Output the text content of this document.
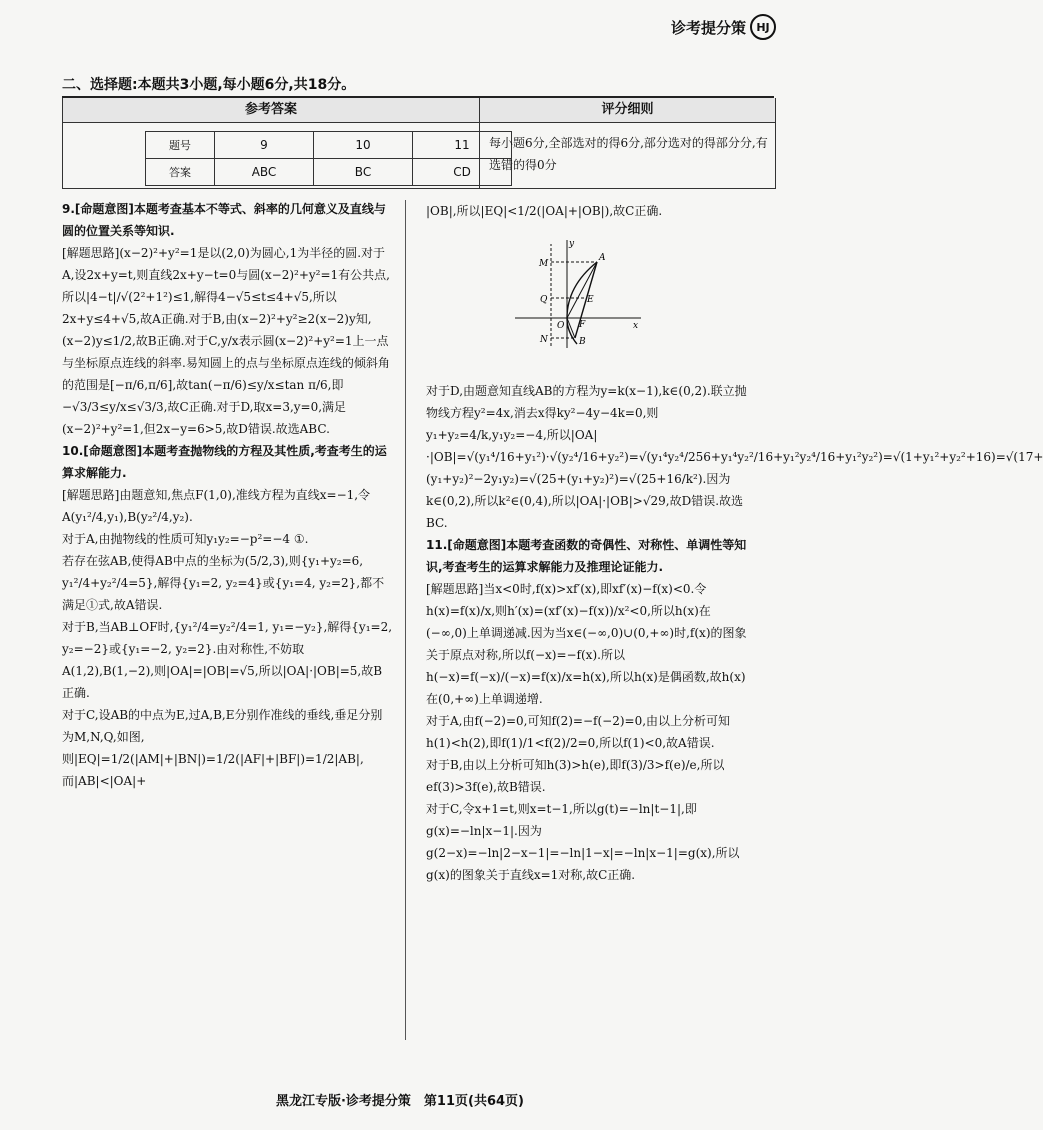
诊考提分策 HJ
二、选择题:本题共3小题,每小题6分,共18分。
参考答案	评分细则
题号	9	10	11
答案	ABC	BC	CD
每小题6分,全部选对的得6分,部分选对的得部分分,有选错的得0分

9.[命题意图]本题考查基本不等式、斜率的几何意义及直线与圆的位置关系等知识.

[解题思路](x−2)²+y²=1是以(2,0)为圆心,1为半径的圆.对于A,设2x+y=t,则直线2x+y−t=0与圆(x−2)²+y²=1有公共点,所以|4−t|/√(2²+1²)≤1,解得4−√5≤t≤4+√5,所以2x+y≤4+√5,故A正确.对于B,由(x−2)²+y²≥2(x−2)y知,(x−2)y≤1/2,故B正确.对于C,y/x表示圆(x−2)²+y²=1上一点与坐标原点连线的斜率.易知圆上的点与坐标原点连线的倾斜角的范围是[−π/6,π/6],故tan(−π/6)≤y/x≤tan π/6,即−√3/3≤y/x≤√3/3,故C正确.对于D,取x=3,y=0,满足(x−2)²+y²=1,但2x−y=6>5,故D错误.故选ABC.

10.[命题意图]本题考查抛物线的方程及其性质,考查考生的运算求解能力.

[解题思路]由题意知,焦点F(1,0),准线方程为直线x=−1,令A(y₁²/4,y₁),B(y₂²/4,y₂).

对于A,由抛物线的性质可知y₁y₂=−p²=−4 ①.

若存在弦AB,使得AB中点的坐标为(5/2,3),则{y₁+y₂=6, y₁²/4+y₂²/4=5},解得{y₁=2, y₂=4}或{y₁=4, y₂=2},都不满足①式,故A错误.

对于B,当AB⊥OF时,{y₁²/4=y₂²/4=1, y₁=−y₂},解得{y₁=2, y₂=−2}或{y₁=−2, y₂=2}.由对称性,不妨取A(1,2),B(1,−2),则|OA|=|OB|=√5,所以|OA|·|OB|=5,故B正确.

对于C,设AB的中点为E,过A,B,E分别作准线的垂线,垂足分别为M,N,Q,如图,则|EQ|=1/2(|AM|+|BN|)=1/2(|AF|+|BF|)=1/2|AB|,而|AB|<|OA|+

|OB|,所以|EQ|<1/2(|OA|+|OB|),故C正确.

对于D,由题意知直线AB的方程为y=k(x−1),k∈(0,2).联立抛物线方程y²=4x,消去x得ky²−4y−4k=0,则y₁+y₂=4/k,y₁y₂=−4,所以|OA|·|OB|=√(y₁⁴/16+y₁²)·√(y₂⁴/16+y₂²)=√(y₁⁴y₂⁴/256+y₁⁴y₂²/16+y₁²y₂⁴/16+y₁²y₂²)=√(1+y₁²+y₂²+16)=√(17+(y₁+y₂)²−2y₁y₂)=√(25+(y₁+y₂)²)=√(25+16/k²).因为k∈(0,2),所以k²∈(0,4),所以|OA|·|OB|>√29,故D错误.故选BC.

11.[命题意图]本题考查函数的奇偶性、对称性、单调性等知识,考查考生的运算求解能力及推理论证能力.

[解题思路]当x<0时,f(x)>xf′(x),即xf′(x)−f(x)<0.令h(x)=f(x)/x,则h′(x)=(xf′(x)−f(x))/x²<0,所以h(x)在(−∞,0)上单调递减.因为当x∈(−∞,0)∪(0,+∞)时,f(x)的图象关于原点对称,所以f(−x)=−f(x).所以h(−x)=f(−x)/(−x)=f(x)/x=h(x),所以h(x)是偶函数,故h(x)在(0,+∞)上单调递增.

对于A,由f(−2)=0,可知f(2)=−f(−2)=0,由以上分析可知h(1)<h(2),即f(1)/1<f(2)/2=0,所以f(1)<0,故A错误.

对于B,由以上分析可知h(3)>h(e),即f(3)/3>f(e)/e,所以ef(3)>3f(e),故B错误.

对于C,令x+1=t,则x=t−1,所以g(t)=−ln|t−1|,即g(x)=−ln|x−1|.因为g(2−x)=−ln|2−x−1|=−ln|1−x|=−ln|x−1|=g(x),所以g(x)的图象关于直线x=1对称,故C正确.

y
x
M
A
Q	E
O F
N	B
黑龙江专版·诊考提分策　第11页(共64页)
